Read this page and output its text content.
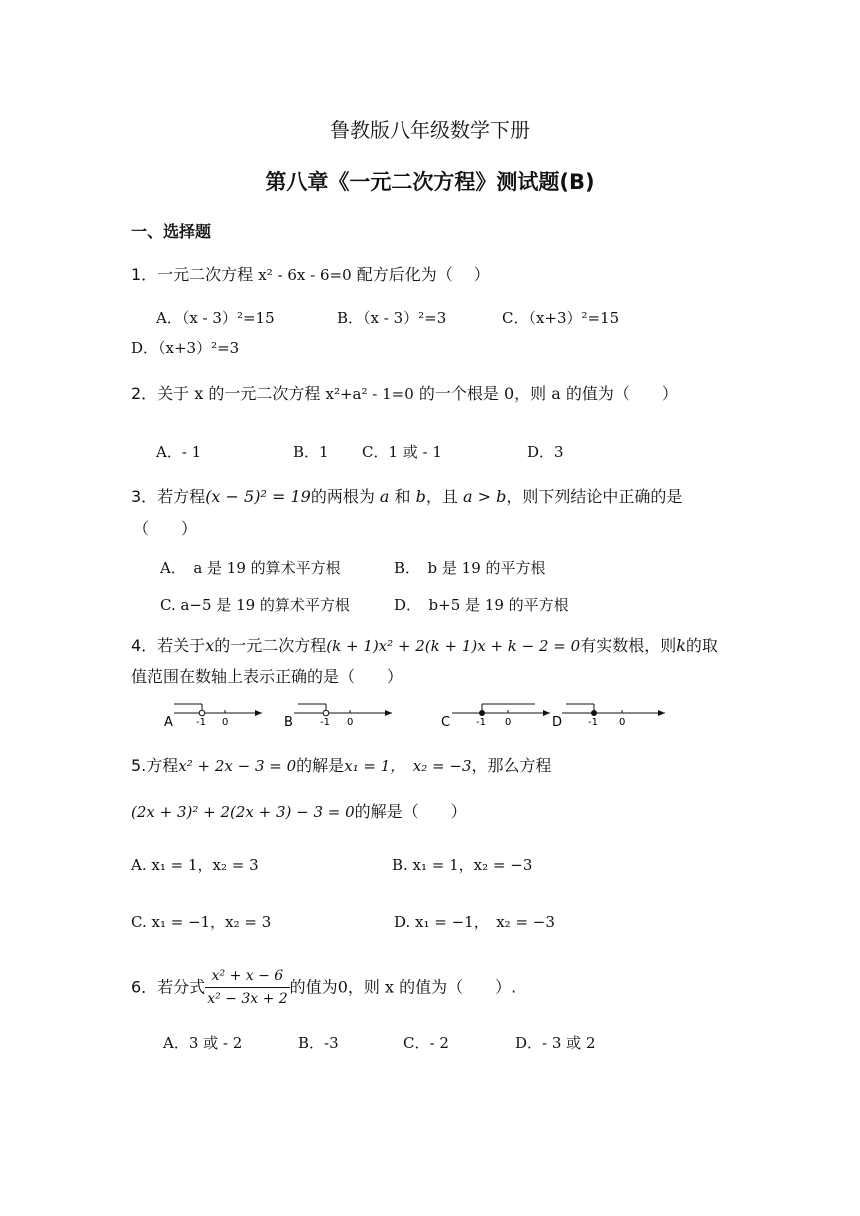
鲁教版八年级数学下册
第八章《一元二次方程》测试题(B)
一、选择题
1．一元二次方程 x² - 6x - 6=0 配方后化为（　 ）
A．（x - 3）²=15	B．（x - 3）²=3	C．（x+3）²=15
D．（x+3）²=3
2．关于 x 的一元二次方程 x²+a² - 1=0 的一个根是 0，则 a 的值为（　　）
A．- 1	B．1 C．1 或 - 1	D．3
3．若方程(x − 5)² = 19的两根为 a 和 b，且 a > b，则下列结论中正确的是
（　　）
A．　a 是 19 的算术平方根	B．　b 是 19 的平方根
C. a−5 是 19 的算术平方根	D．　b+5 是 19 的平方根
4．若关于x的一元二次方程(k + 1)x² + 2(k + 1)x + k − 2 = 0有实数根，则k的取
值范围在数轴上表示正确的是（　　）
A -1 0	B	-1 0	C	-1 0	D	-1 0
5.方程x² + 2x − 3 = 0的解是x₁ = 1，　x₂ = −3，那么方程
(2x + 3)² + 2(2x + 3) − 3 = 0的解是（　　）
A. x₁ = 1，x₂ = 3	B. x₁ = 1，x₂ = −3
C. x₁ = −1，x₂ = 3	D. x₁ = −1，　x₂ = −3
6．若分式 $\frac{\text{x² + x − 6}}{\text{x² − 3x + 2}}$ 的值为0，则 x 的值为（　　）.
A．3 或 - 2	B．-3	C．- 2	D．- 3 或 2
